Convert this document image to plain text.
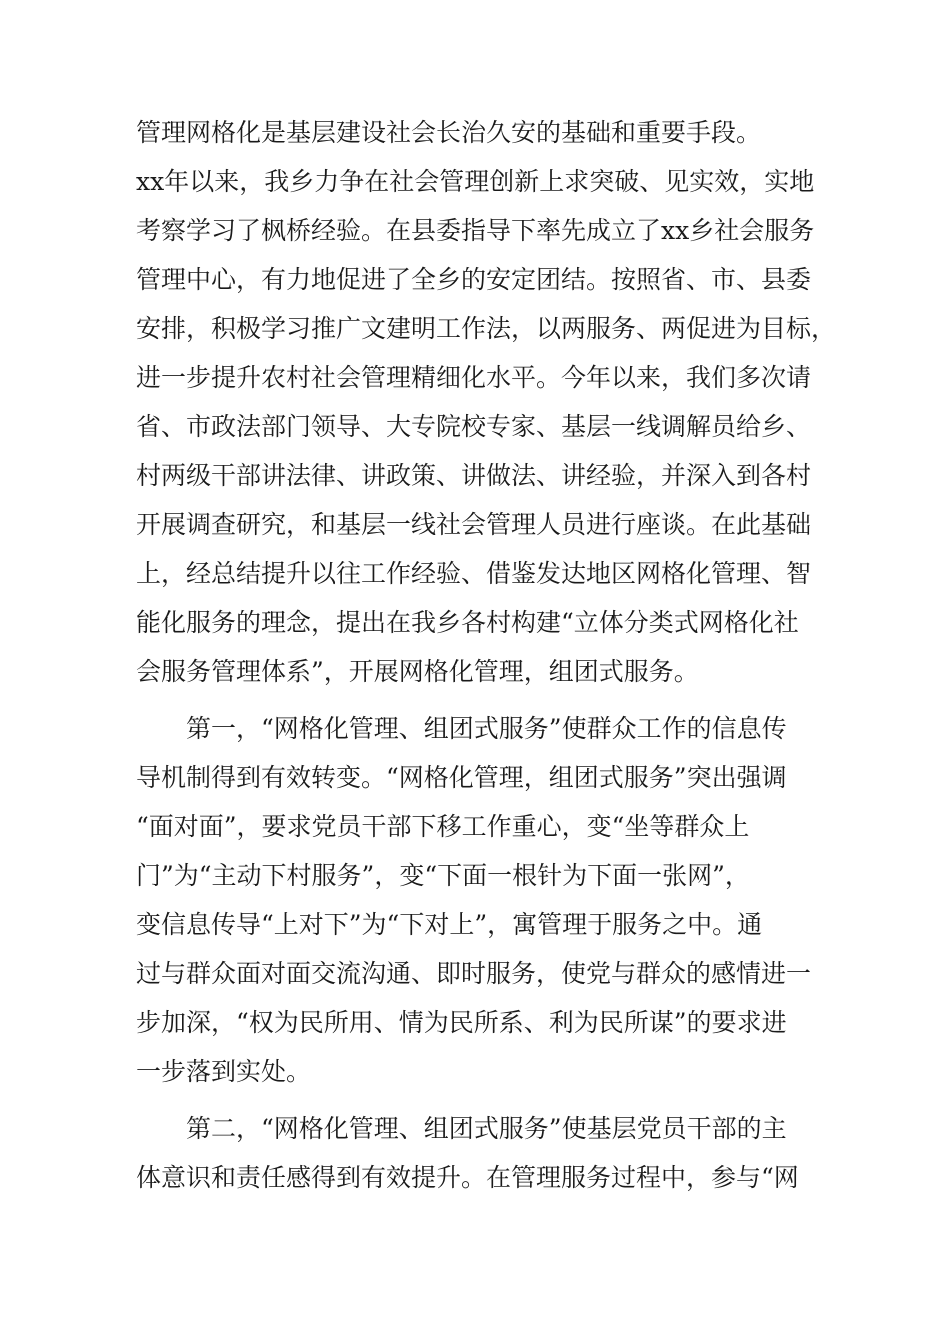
管理网格化是基层建设社会长治久安的基础和重要手段。
xx年以来，我乡力争在社会管理创新上求突破、见实效，实地
考察学习了枫桥经验。在县委指导下率先成立了xx乡社会服务
管理中心，有力地促进了全乡的安定团结。按照省、市、县委
安排，积极学习推广文建明工作法，以两服务、两促进为目标，
进一步提升农村社会管理精细化水平。今年以来，我们多次请
省、市政法部门领导、大专院校专家、基层一线调解员给乡、
村两级干部讲法律、讲政策、讲做法、讲经验，并深入到各村
开展调查研究，和基层一线社会管理人员进行座谈。在此基础
上，经总结提升以往工作经验、借鉴发达地区网格化管理、智
能化服务的理念，提出在我乡各村构建“立体分类式网格化社
会服务管理体系”，开展网格化管理，组团式服务。
　　第一，“网格化管理、组团式服务”使群众工作的信息传
导机制得到有效转变。“网格化管理，组团式服务”突出强调
“面对面”，要求党员干部下移工作重心，变“坐等群众上
门”为“主动下村服务”，变“下面一根针为下面一张网”，
变信息传导“上对下”为“下对上”，寓管理于服务之中。通
过与群众面对面交流沟通、即时服务，使党与群众的感情进一
步加深，“权为民所用、情为民所系、利为民所谋”的要求进
一步落到实处。
　　第二，“网格化管理、组团式服务”使基层党员干部的主
体意识和责任感得到有效提升。在管理服务过程中，参与“网
